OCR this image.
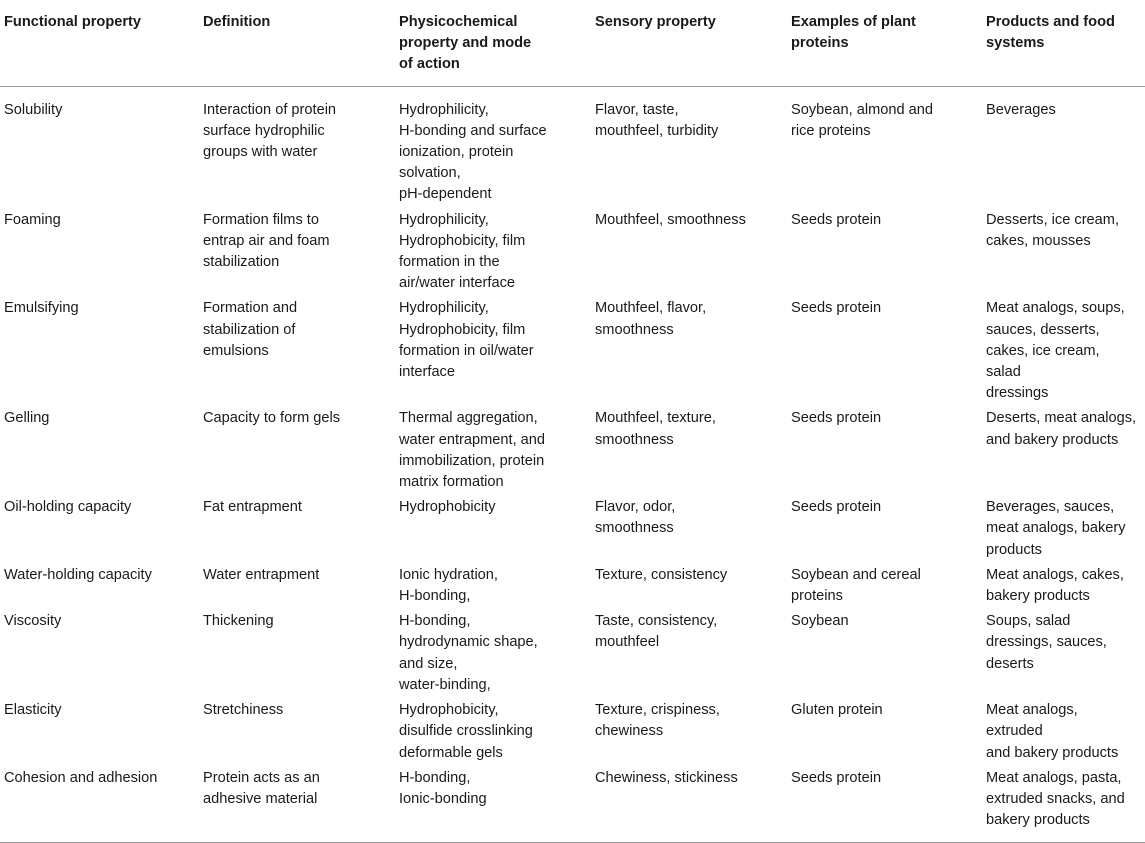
Functional property	Definition	Physicochemical
property and mode
of action	Sensory property	Examples of plant
proteins	Products and food
systems
Solubility	Interaction of protein
surface hydrophilic
groups with water	Hydrophilicity,
H-bonding and surface
ionization, protein
solvation,
pH-dependent	Flavor, taste,
mouthfeel, turbidity	Soybean, almond and
rice proteins	Beverages
Foaming	Formation films to
entrap air and foam
stabilization	Hydrophilicity,
Hydrophobicity, film
formation in the
air/water interface	Mouthfeel, smoothness	Seeds protein	Desserts, ice cream,
cakes, mousses
Emulsifying	Formation and
stabilization of
emulsions	Hydrophilicity,
Hydrophobicity, film
formation in oil/water
interface	Mouthfeel, flavor,
smoothness	Seeds protein	Meat analogs, soups,
sauces, desserts,
cakes, ice cream, salad
dressings
Gelling	Capacity to form gels	Thermal aggregation,
water entrapment, and
immobilization, protein
matrix formation	Mouthfeel, texture,
smoothness	Seeds protein	Deserts, meat analogs,
and bakery products
Oil-holding capacity	Fat entrapment	Hydrophobicity	Flavor, odor,
smoothness	Seeds protein	Beverages, sauces,
meat analogs, bakery
products
Water-holding capacity	Water entrapment	Ionic hydration,
H-bonding,	Texture, consistency	Soybean and cereal
proteins	Meat analogs, cakes,
bakery products
Viscosity	Thickening	H-bonding,
hydrodynamic shape,
and size,
water-binding,	Taste, consistency,
mouthfeel	Soybean	Soups, salad
dressings, sauces,
deserts
Elasticity	Stretchiness	Hydrophobicity,
disulfide crosslinking
deformable gels	Texture, crispiness,
chewiness	Gluten protein	Meat analogs, extruded
and bakery products
Cohesion and adhesion	Protein acts as an
adhesive material	H-bonding,
Ionic-bonding	Chewiness, stickiness	Seeds protein	Meat analogs, pasta,
extruded snacks, and
bakery products
